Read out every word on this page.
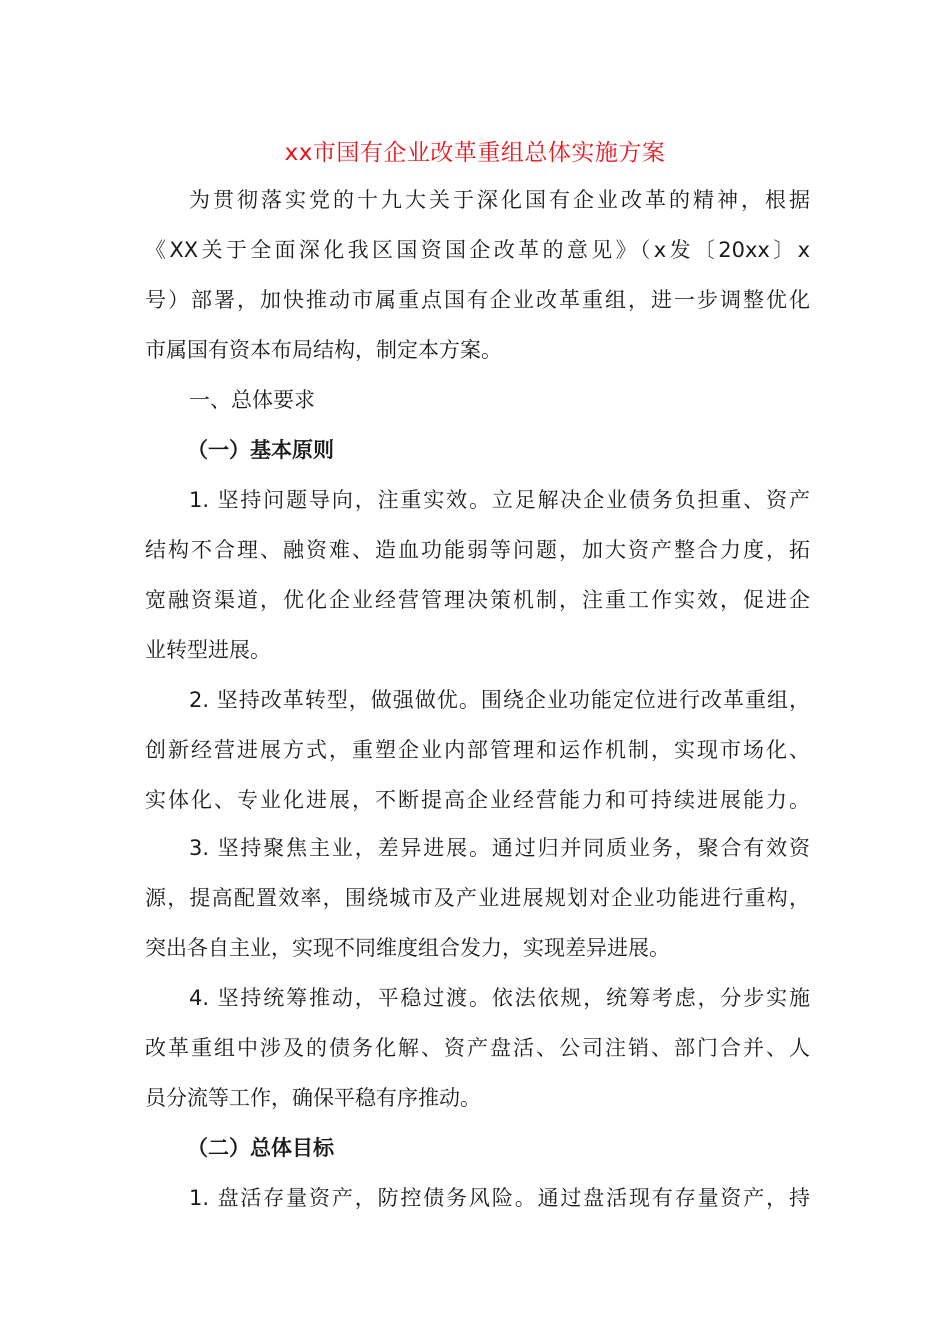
xx市国有企业改革重组总体实施方案
为贯彻落实党的十九大关于深化国有企业改革的精神，根据
《XX关于全面深化我区国资国企改革的意见》（x发〔20xx〕x
号）部署，加快推动市属重点国有企业改革重组，进一步调整优化
市属国有资本布局结构，制定本方案。
一、总体要求
（一）基本原则
1. 坚持问题导向，注重实效。立足解决企业债务负担重、资产
结构不合理、融资难、造血功能弱等问题，加大资产整合力度，拓
宽融资渠道，优化企业经营管理决策机制，注重工作实效，促进企
业转型进展。
2. 坚持改革转型，做强做优。围绕企业功能定位进行改革重组，
创新经营进展方式，重塑企业内部管理和运作机制，实现市场化、
实体化、专业化进展，不断提高企业经营能力和可持续进展能力。
3. 坚持聚焦主业，差异进展。通过归并同质业务，聚合有效资
源，提高配置效率，围绕城市及产业进展规划对企业功能进行重构，
突出各自主业，实现不同维度组合发力，实现差异进展。
4. 坚持统筹推动，平稳过渡。依法依规，统筹考虑，分步实施
改革重组中涉及的债务化解、资产盘活、公司注销、部门合并、人
员分流等工作，确保平稳有序推动。
（二）总体目标
1. 盘活存量资产，防控债务风险。通过盘活现有存量资产，持
